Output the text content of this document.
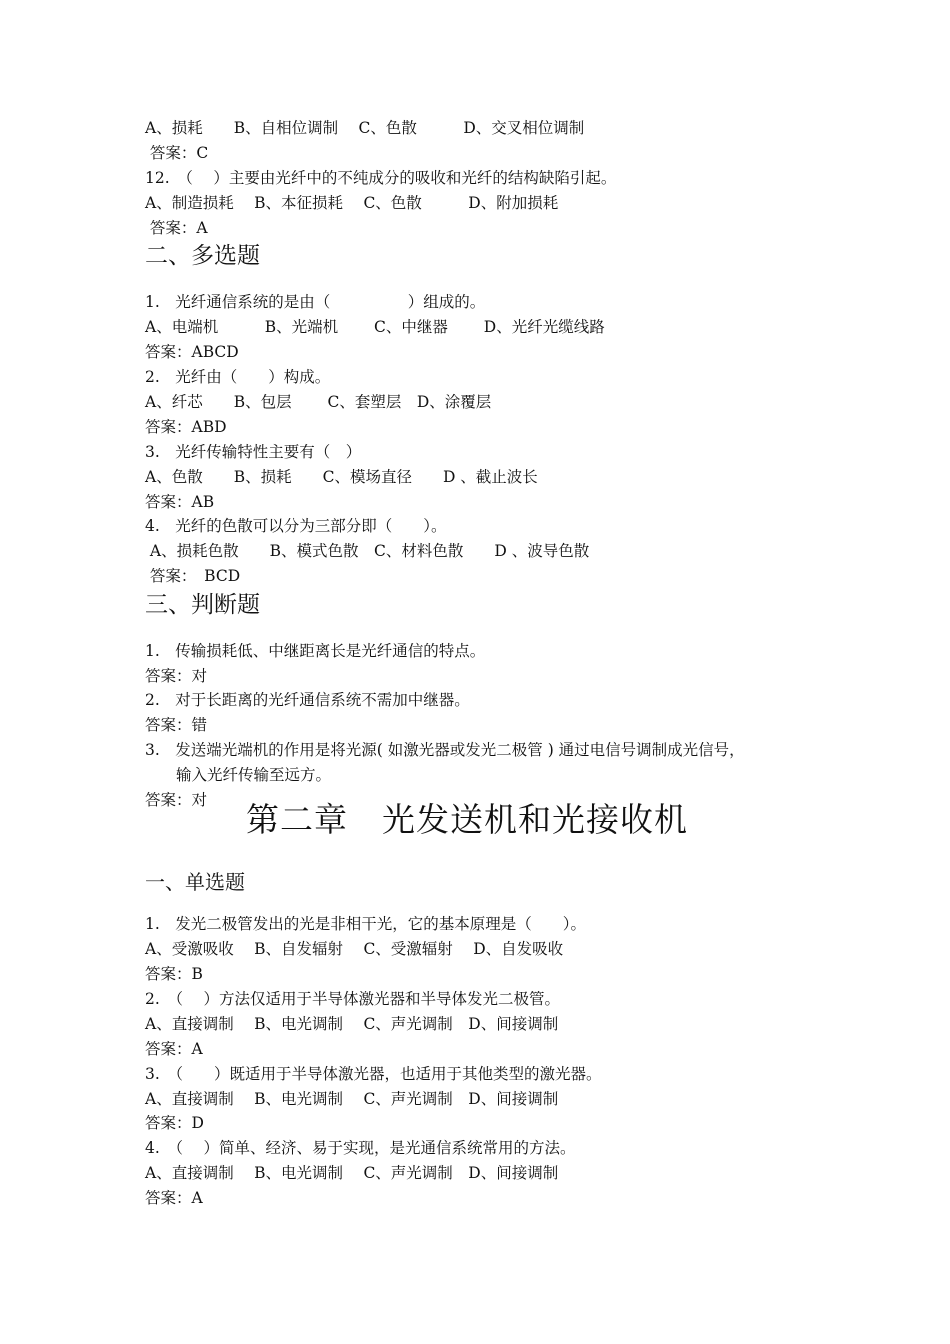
A、损耗　　B、自相位调制　 C、色散　　　D、交叉相位调制
答案：C
12.　（　 ）主要由光纤中的不纯成分的吸收和光纤的结构缺陷引起。
A、制造损耗　 B、本征损耗　 C、色散　　　D、附加损耗
答案：A
二、多选题
1.　光纤通信系统的是由（　　　　　）组成的。
A、电端机　　　B、光端机　　 C、中继器　　 D、光纤光缆线路
答案：ABCD
2.　光纤由（　　）构成。
A、纤芯　　B、包层　　 C、套塑层　D、涂覆层
答案：ABD
3.　光纤传输特性主要有（　）
A、色散　　B、损耗　　C、模场直径　　D 、截止波长
答案：AB
4.　光纤的色散可以分为三部分即（　　）。
A、损耗色散　　B、模式色散　C、材料色散　　D 、波导色散
答案：　BCD
三、判断题
1.　传输损耗低、中继距离长是光纤通信的特点。
答案：对
2.　对于长距离的光纤通信系统不需加中继器。
答案：错
3.　发送端光端机的作用是将光源( 如激光器或发光二极管 ) 通过电信号调制成光信号，
　　输入光纤传输至远方。
答案：对 第二章　光发送机和光接收机
一、单选题
1.　发光二极管发出的光是非相干光，它的基本原理是（　　）。
A、受激吸收　 B、自发辐射　 C、受激辐射　 D、自发吸收
答案：B
2.　（　 ）方法仅适用于半导体激光器和半导体发光二极管。
A、直接调制　 B、电光调制　 C、声光调制　D、间接调制
答案：A
3.　（　　）既适用于半导体激光器，也适用于其他类型的激光器。
A、直接调制　 B、电光调制　 C、声光调制　D、间接调制
答案：D
4.　（　 ）简单、经济、易于实现，是光通信系统常用的方法。
A、直接调制　 B、电光调制　 C、声光调制　D、间接调制
答案：A
